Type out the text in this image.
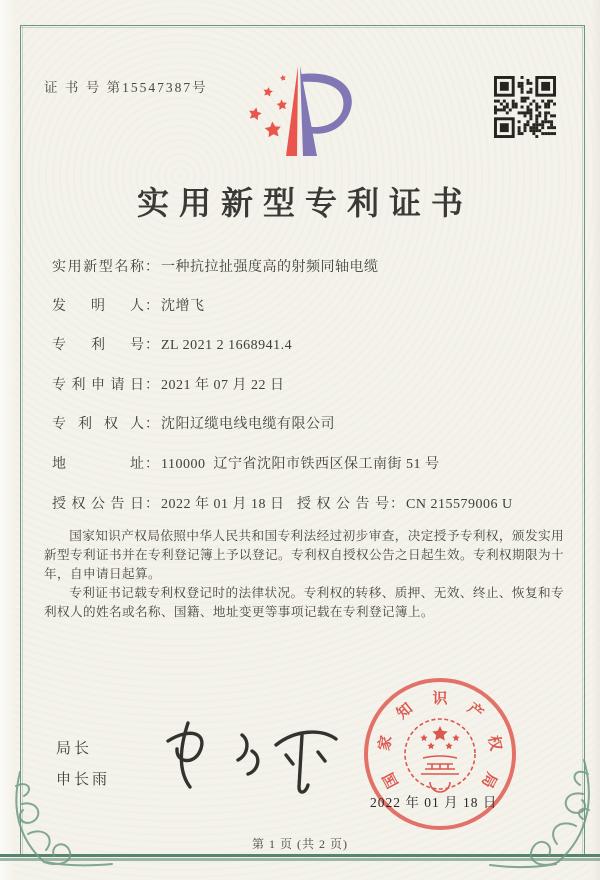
证 书 号 第15547387号
实用新型专利证书
实用新型名称： 一种抗拉扯强度高的射频同轴电缆
发明人： 沈增飞
专利号： ZL 2021 2 1668941.4
专利申请日： 2021 年 07 月 22 日
专利权人： 沈阳辽缆电线电缆有限公司
地址： 110000  辽宁省沈阳市铁西区保工南街 51 号
授权公告日： 2022 年 01 月 18 日 授权公告号： CN 215579006 U

国家知识产权局依照中华人民共和国专利法经过初步审查，决定授予专利权，颁发实用新型专利证书并在专利登记簿上予以登记。专利权自授权公告之日起生效。专利权期限为十年，自申请日起算。

专利证书记载专利权登记时的法律状况。专利权的转移、质押、无效、终止、恢复和专利权人的姓名或名称、国籍、地址变更等事项记载在专利登记簿上。

局长
申长雨	国
家
知
识
产
权
局
2022 年 01 月 18 日
第 1 页 (共 2 页)
